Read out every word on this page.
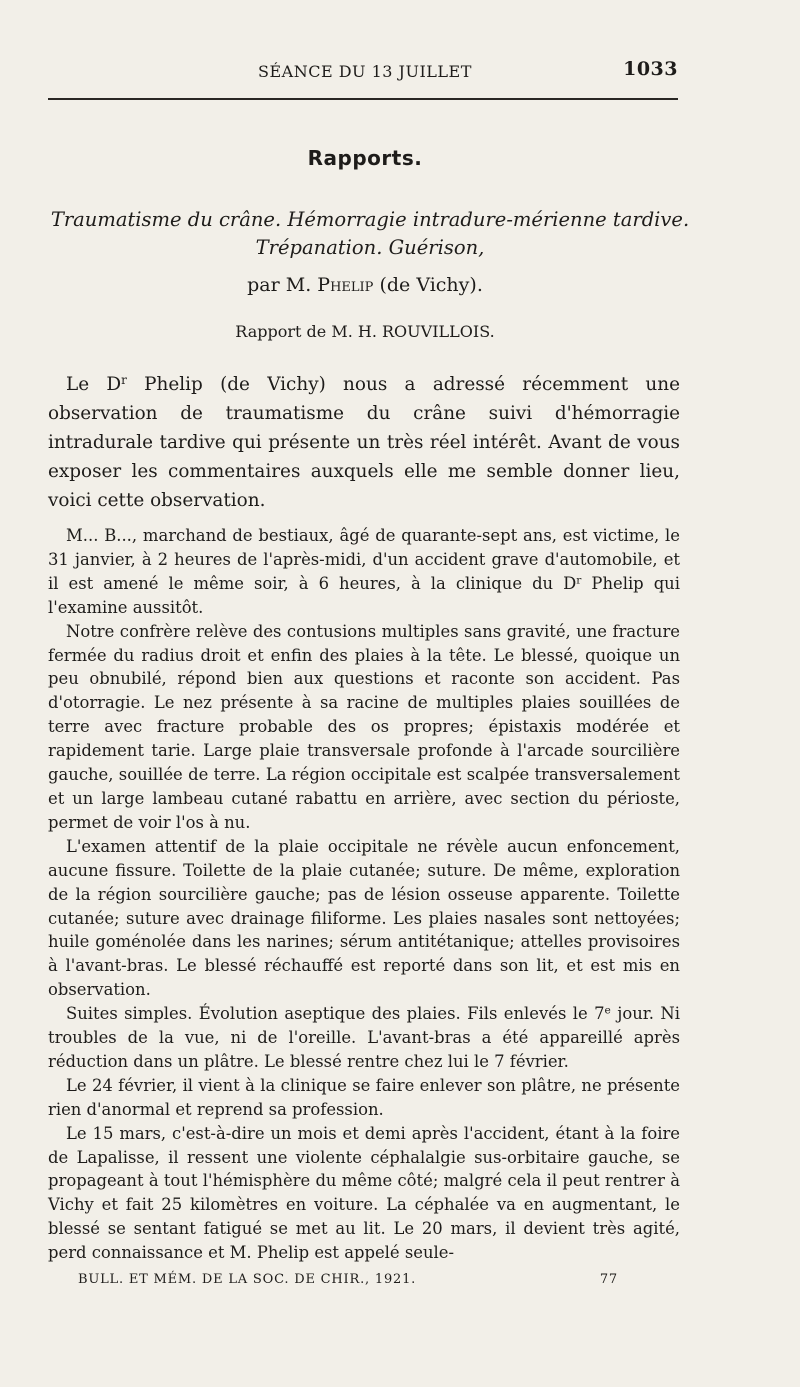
SÉANCE DU 13 JUILLET	1033
Rapports.
Traumatisme du crâne. Hémorragie intradure-mérienne tardive.
Trépanation. Guérison,
par M. Phelip (de Vichy).
Rapport de M. H. ROUVILLOIS.

Le $D^r$ Phelip (de Vichy) nous a adressé récemment une observation de traumatisme du crâne suivi d'hémorragie intradurale tardive qui présente un très réel intérêt. Avant de vous exposer les commentaires auxquels elle me semble donner lieu, voici cette observation.

M... B..., marchand de bestiaux, âgé de quarante-sept ans, est victime, le 31 janvier, à 2 heures de l'après-midi, d'un accident grave d'automobile, et il est amené le même soir, à 6 heures, à la clinique du $D^r$ Phelip qui l'examine aussitôt.

Notre confrère relève des contusions multiples sans gravité, une fracture fermée du radius droit et enfin des plaies à la tête. Le blessé, quoique un peu obnubilé, répond bien aux questions et raconte son accident. Pas d'otorragie. Le nez présente à sa racine de multiples plaies souillées de terre avec fracture probable des os propres; épistaxis modérée et rapidement tarie. Large plaie transversale profonde à l'arcade sourcilière gauche, souillée de terre. La région occipitale est scalpée transversalement et un large lambeau cutané rabattu en arrière, avec section du périoste, permet de voir l'os à nu.

L'examen attentif de la plaie occipitale ne révèle aucun enfoncement, aucune fissure. Toilette de la plaie cutanée; suture. De même, exploration de la région sourcilière gauche; pas de lésion osseuse apparente. Toilette cutanée; suture avec drainage filiforme. Les plaies nasales sont nettoyées; huile goménolée dans les narines; sérum antitétanique; attelles provisoires à l'avant-bras. Le blessé réchauffé est reporté dans son lit, et est mis en observation.

Suites simples. Évolution aseptique des plaies. Fils enlevés le 7e jour. Ni troubles de la vue, ni de l'oreille. L'avant-bras a été appareillé après réduction dans un plâtre. Le blessé rentre chez lui le 7 février.

Le 24 février, il vient à la clinique se faire enlever son plâtre, ne présente rien d'anormal et reprend sa profession.

Le 15 mars, c'est-à-dire un mois et demi après l'accident, étant à la foire de Lapalisse, il ressent une violente céphalalgie sus-orbitaire gauche, se propageant à tout l'hémisphère du même côté; malgré cela il peut rentrer à Vichy et fait 25 kilomètres en voiture. La céphalée va en augmentant, le blessé se sentant fatigué se met au lit. Le 20 mars, il devient très agité, perd connaissance et M. Phelip est appelé seule-

BULL. ET MÉM. DE LA SOC. DE CHIR., 1921.	77
